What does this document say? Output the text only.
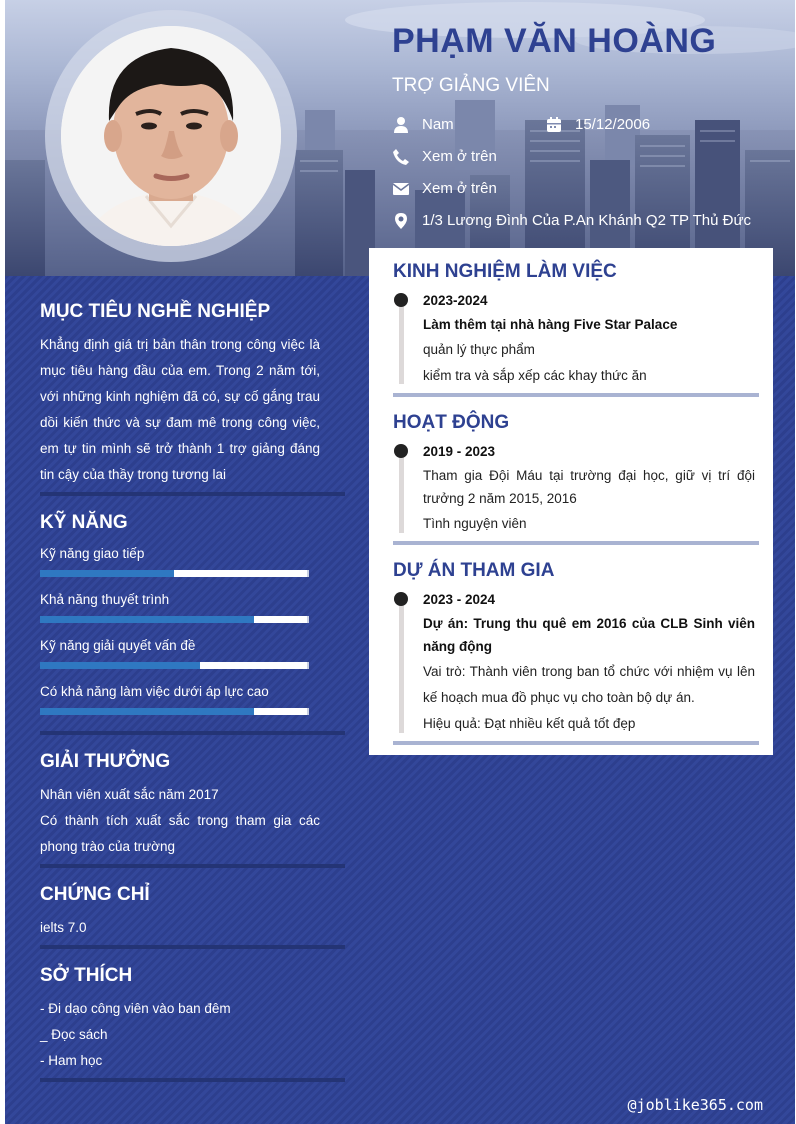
PHẠM VĂN HOÀNG
TRỢ GIẢNG VIÊN
Nam	15/12/2006
Xem ở trên
Xem ở trên
1/3 Lương Đình Của P.An Khánh Q2 TP Thủ Đức
MỤC TIÊU NGHỀ NGHIỆP
Khẳng định giá trị bản thân trong công việc là mục tiêu hàng đầu của em. Trong 2 năm tới, với những kinh nghiệm đã có, sự cố gắng trau dồi kiến thức và sự đam mê trong công việc, em tự tin mình sẽ trở thành 1 trợ giảng đáng tin cậy của thầy trong tương lai
KỸ NĂNG
GIẢI THƯỞNG
Nhân viên xuất sắc năm 2017
Có thành tích xuất sắc trong tham gia các phong trào của trường
CHỨNG CHỈ
ielts 7.0
SỞ THÍCH
- Đi dạo công viên vào ban đêm
_ Đọc sách
- Ham học
KINH NGHIỆM LÀM VIỆC
2023-2024
Làm thêm tại nhà hàng Five Star Palace
quản lý thực phẩm
kiểm tra và sắp xếp các khay thức ăn
HOẠT ĐỘNG
2019 - 2023
Tham gia Đội Máu tại trường đại học, giữ vị trí đội trưởng 2 năm 2015, 2016
Tình nguyện viên
DỰ ÁN THAM GIA
2023 - 2024
Dự án: Trung thu quê em 2016 của CLB Sinh viên năng động
Vai trò: Thành viên trong ban tổ chức với nhiệm vụ lên kế hoạch mua đồ phục vụ cho toàn bộ dự án.
Hiệu quả: Đạt nhiều kết quả tốt đẹp
@joblike365.com
Kỹ năng giao tiếp
Khả năng thuyết trình
Kỹ năng giải quyết vấn đề
Có khả năng làm việc dưới áp lực cao
